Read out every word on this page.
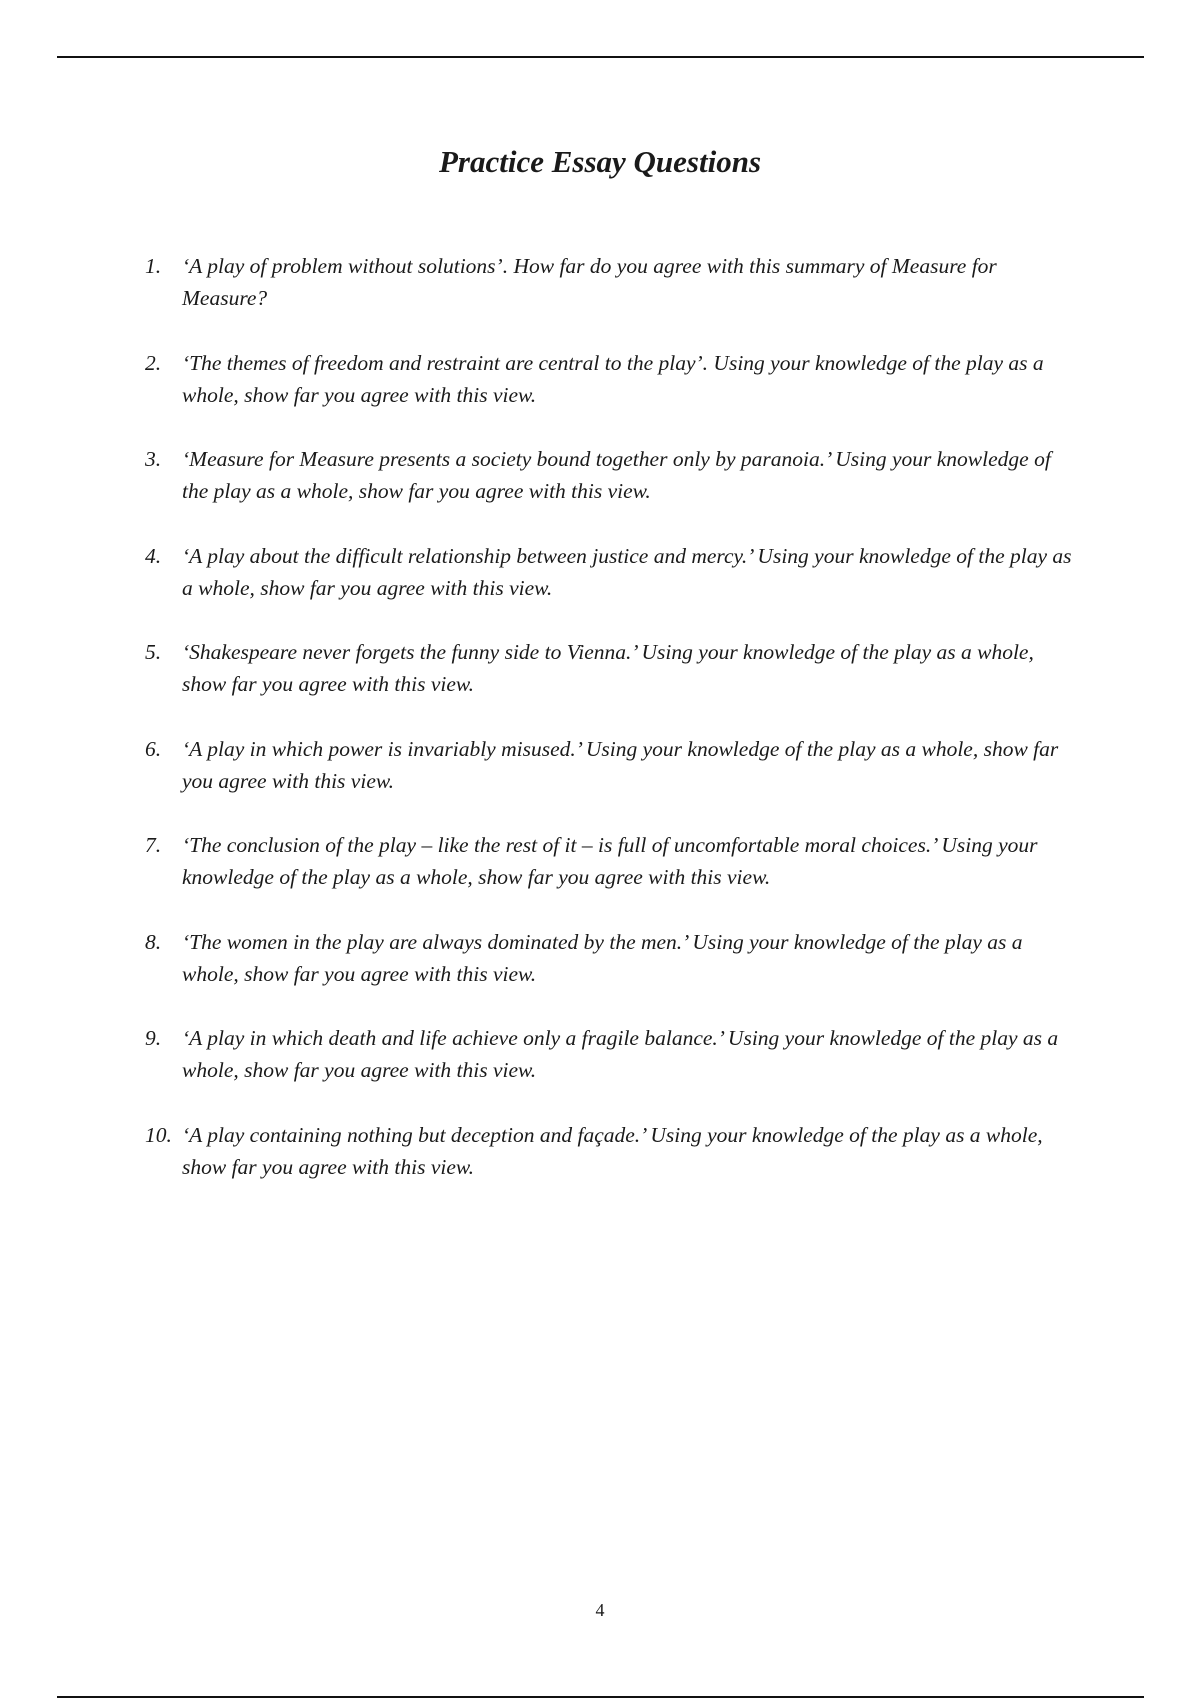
Practice Essay Questions
1. ‘A play of problem without solutions’. How far do you agree with this summary of Measure for Measure?
2. ‘The themes of freedom and restraint are central to the play’. Using your knowledge of the play as a whole, show far you agree with this view.
3. ‘Measure for Measure presents a society bound together only by paranoia.’ Using your knowledge of the play as a whole, show far you agree with this view.
4. ‘A play about the difficult relationship between justice and mercy.’ Using your knowledge of the play as a whole, show far you agree with this view.
5. ‘Shakespeare never forgets the funny side to Vienna.’ Using your knowledge of the play as a whole, show far you agree with this view.
6. ‘A play in which power is invariably misused.’ Using your knowledge of the play as a whole, show far you agree with this view.
7. ‘The conclusion of the play – like the rest of it – is full of uncomfortable moral choices.’ Using your knowledge of the play as a whole, show far you agree with this view.
8. ‘The women in the play are always dominated by the men.’ Using your knowledge of the play as a whole, show far you agree with this view.
9. ‘A play in which death and life achieve only a fragile balance.’ Using your knowledge of the play as a whole, show far you agree with this view.
10. ‘A play containing nothing but deception and façade.’ Using your knowledge of the play as a whole, show far you agree with this view.
4
